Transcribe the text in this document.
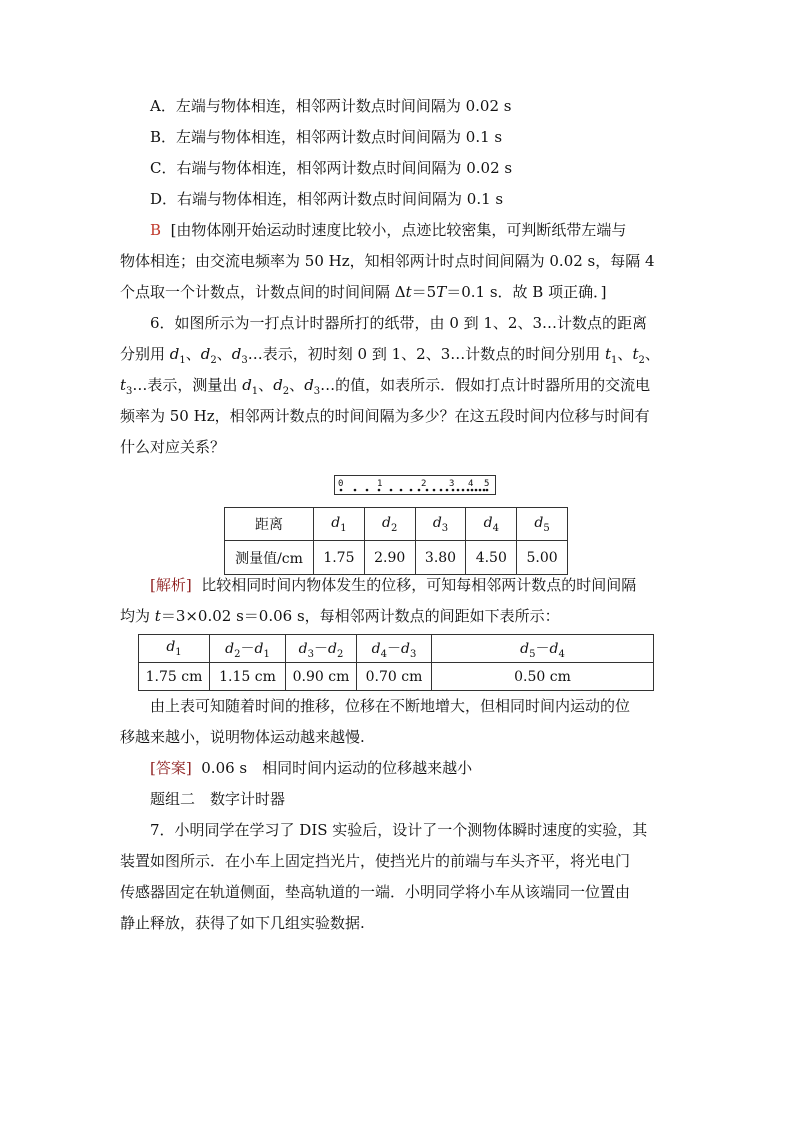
A．左端与物体相连，相邻两计数点时间间隔为 0.02 s
B．左端与物体相连，相邻两计数点时间间隔为 0.1 s
C．右端与物体相连，相邻两计数点时间间隔为 0.02 s
D．右端与物体相连，相邻两计数点时间间隔为 0.1 s
B [由物体刚开始运动时速度比较小，点迹比较密集，可判断纸带左端与
物体相连；由交流电频率为 50 Hz，知相邻两计时点时间间隔为 0.02 s，每隔 4
个点取一个计数点，计数点间的时间间隔 Δt＝5T＝0.1 s．故 B 项正确．]
6．如图所示为一打点计时器所打的纸带，由 0 到 1、2、3…计数点的距离
分别用 $d_1$、$d_2$、$d_3\dots$表示，初时刻 0 到 1、2、3…计数点的时间分别用 $t_1$、$t_2$、
$t_3\dots$表示，测量出 $d_1$、$d_2$、$d_3\dots$的值，如表所示．假如打点计时器所用的交流电
频率为 50 Hz，相邻两计数点的时间间隔为多少？在这五段时间内位移与时间有
什么对应关系？
0	1	2	3 4 5
距离	$d_1$	$d_2$	$d_3$	$d_4$	$d_5$
测量值/cm	1.75	2.90	3.80	4.50	5.00
[解析] 比较相同时间内物体发生的位移，可知每相邻两计数点的时间间隔
均为 t＝3×0.02 s＝0.06 s，每相邻两计数点的间距如下表所示：
$d_1$	$d_2-d_1$	$d_3-d_2$	$d_4-d_3$	$d_5-d_4$
1.75 cm	1.15 cm	0.90 cm	0.70 cm	0.50 cm
由上表可知随着时间的推移，位移在不断地增大，但相同时间内运动的位
移越来越小，说明物体运动越来越慢.
[答案] 0.06 s　相同时间内运动的位移越来越小
题组二　数字计时器
7．小明同学在学习了 DIS 实验后，设计了一个测物体瞬时速度的实验，其
装置如图所示．在小车上固定挡光片，使挡光片的前端与车头齐平，将光电门
传感器固定在轨道侧面，垫高轨道的一端．小明同学将小车从该端同一位置由
静止释放，获得了如下几组实验数据.
